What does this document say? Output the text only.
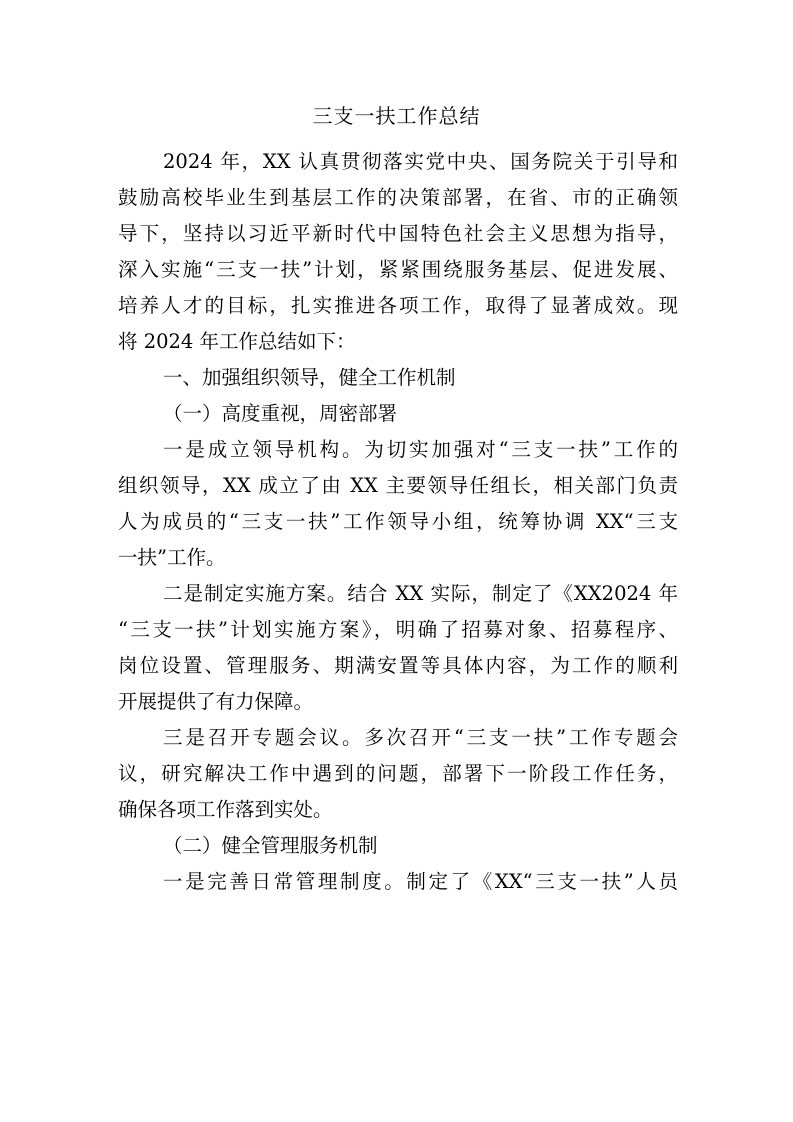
三支一扶工作总结
2024 年，XX 认真贯彻落实党中央、国务院关于引导和
鼓励高校毕业生到基层工作的决策部署，在省、市的正确领
导下，坚持以习近平新时代中国特色社会主义思想为指导，
深入实施“三支一扶”计划，紧紧围绕服务基层、促进发展、
培养人才的目标，扎实推进各项工作，取得了显著成效。现
将 2024 年工作总结如下：
一、加强组织领导，健全工作机制
（一）高度重视，周密部署
一是成立领导机构。为切实加强对“三支一扶”工作的
组织领导，XX 成立了由 XX 主要领导任组长，相关部门负责
人为成员的“三支一扶”工作领导小组，统筹协调 XX“三支
一扶”工作。
二是制定实施方案。结合 XX 实际，制定了《XX2024 年
“三支一扶”计划实施方案》，明确了招募对象、招募程序、
岗位设置、管理服务、期满安置等具体内容，为工作的顺利
开展提供了有力保障。
三是召开专题会议。多次召开“三支一扶”工作专题会
议，研究解决工作中遇到的问题，部署下一阶段工作任务，
确保各项工作落到实处。
（二）健全管理服务机制
一是完善日常管理制度。制定了《XX“三支一扶”人员
